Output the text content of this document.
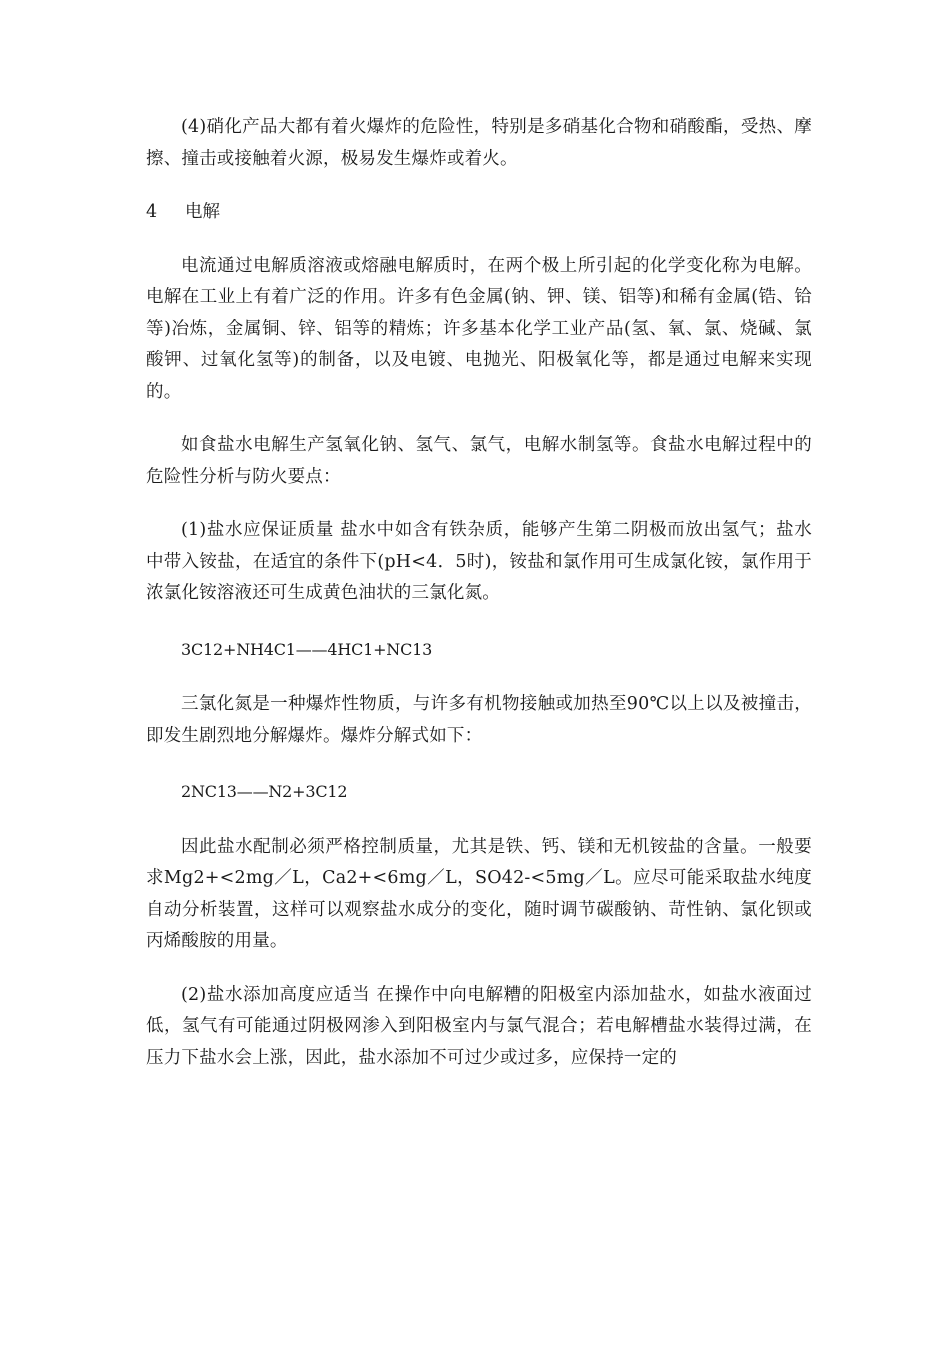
(4)硝化产品大都有着火爆炸的危险性，特别是多硝基化合物和硝酸酯，受热、摩擦、撞击或接触着火源，极易发生爆炸或着火。

4 电解

电流通过电解质溶液或熔融电解质时，在两个极上所引起的化学变化称为电解。电解在工业上有着广泛的作用。许多有色金属(钠、钾、镁、铝等)和稀有金属(锆、铪等)冶炼，金属铜、锌、铝等的精炼；许多基本化学工业产品(氢、氧、氯、烧碱、氯酸钾、过氧化氢等)的制备，以及电镀、电抛光、阳极氧化等，都是通过电解来实现的。

如食盐水电解生产氢氧化钠、氢气、氯气，电解水制氢等。食盐水电解过程中的危险性分析与防火要点：

(1)盐水应保证质量 盐水中如含有铁杂质，能够产生第二阴极而放出氢气；盐水中带入铵盐，在适宜的条件下(pH<4．5时)，铵盐和氯作用可生成氯化铵，氯作用于浓氯化铵溶液还可生成黄色油状的三氯化氮。

3C12+NH4C1——4HC1+NC13

三氯化氮是一种爆炸性物质，与许多有机物接触或加热至90℃以上以及被撞击，即发生剧烈地分解爆炸。爆炸分解式如下：

2NC13——N2+3C12

因此盐水配制必须严格控制质量，尤其是铁、钙、镁和无机铵盐的含量。一般要求Mg2+<2mg／L，Ca2+<6mg／L，SO42-<5mg／L。应尽可能采取盐水纯度自动分析装置，这样可以观察盐水成分的变化，随时调节碳酸钠、苛性钠、氯化钡或丙烯酸胺的用量。

(2)盐水添加高度应适当 在操作中向电解糟的阳极室内添加盐水，如盐水液面过低，氢气有可能通过阴极网渗入到阳极室内与氯气混合；若电解槽盐水装得过满，在压力下盐水会上涨，因此，盐水添加不可过少或过多，应保持一定的
